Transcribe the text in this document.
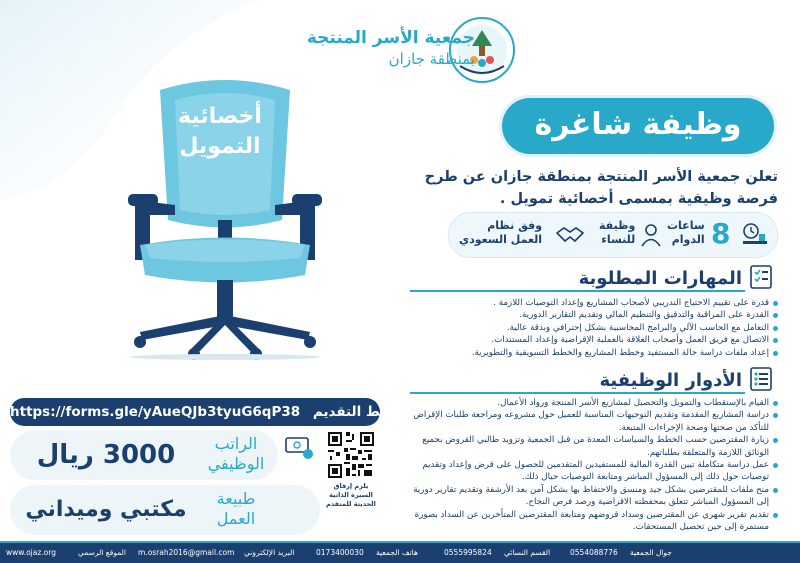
أخصائية
التمويل
جمعية الأسر المنتجة
بمنطقة جازان
وظيفة شاغرة
تعلن جمعية الأسر المنتجة بمنطقة جازان عن طرح
فرصة وظيفية بمسمى أخصائية تمويل .
8
ساعات
الدوام
وظيفة
للنساء
وفق نظام
العمل السعودي
المهارات المطلوبة
قدرة على تقييم الاحتياج التدريبي لأصحاب المشاريع وإعداد التوصيات اللازمة .
القدرة على المراقبة والتدقيق والتنظيم المالي وتقديم التقارير الدورية.
التعامل مع الحاسب الآلي والبرامج المحاسبية بشكل إحترافي وبدقة عالية.
الاتصال مع فريق العمل وأصحاب العلاقة بالعملية الإقراضية وإعداد المستندات.
إعداد ملفات دراسة حالة المستفيد وخطط المشاريع والخطط التسويقية والتطويرية.
الأدوار الوظيفية
القيام بالإستقطاب والتمويل والتحصيل لمشاريع الأسر المنتجة ورواد الأعمال.
دراسة المشاريع المقدمة وتقديم التوجيهات المناسبة للعميل حول مشروعه ومراجعة طلبات الإقراض للتأكد من صحتها وصحة الإجراءات المتبعة.
زيارة المقترضين حسب الخطط والسياسات المعدة من قبل الجمعية وتزويد طالبي القروض بجميع الوثائق اللازمة والمتعلقة بطلباتهم.
عمل دراسة متكاملة تبين القدرة المالية للمستفيدين المتقدمين للحصول على قرض وإعداد وتقديم توصيات حول ذلك إلى المسؤول المباشر ومتابعة التوصيات حيال ذلك.
منح ملفات للمقترضين بشكل جيد ومنسق والاحتفاظ بها بشكل آمن بعد الأرشفة وتقديم تقارير دورية إلى المسؤول المباشر تتعلق بمحفظته الاقراضية ورصد فرص النجاح.
تقديم تقرير شهري عن المقترضين وسداد قروضهم ومتابعة المقترضين المتأخرين عن السداد بصورة مستمرة إلى حين تحصيل المستحقات.
https://forms.gle/yAueQJb3tyuG6qP38 رابط التقديم
الراتب
الوظيفي
3000 ريال
طبيعة
العمل
مكتبي وميداني
يلزم إرفاق
السيرة الذاتية
الحديثة للمتقدم
www.ojaz.org	الموقع الرسمي m.osrah2016@gmail.com البريد الإلكتروني	0173400030 هاتف الجمعية	0555995824 القسم النسائي	0554088776 جوال الجمعية
